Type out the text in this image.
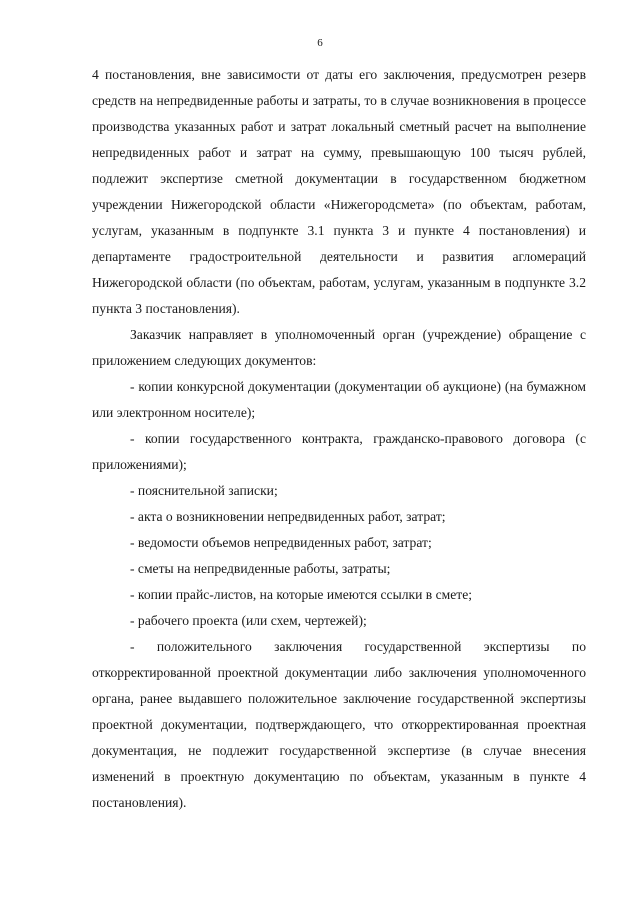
6

4 постановления, вне зависимости от даты его заключения, предусмотрен резерв средств на непредвиденные работы и затраты, то в случае возникновения в процессе производства указанных работ и затрат локальный сметный расчет на выполнение непредвиденных работ и затрат на сумму, превышающую 100 тысяч рублей, подлежит экспертизе сметной документации в государственном бюджетном учреждении Нижегородской области «Нижегородсмета» (по объектам, работам, услугам, указанным в подпункте 3.1 пункта 3 и пункте 4 постановления) и департаменте градостроительной деятельности и развития агломераций Нижегородской области (по объектам, работам, услугам, указанным в подпункте 3.2 пункта 3 постановления).

Заказчик направляет в уполномоченный орган (учреждение) обращение с приложением следующих документов:

- копии конкурсной документации (документации об аукционе) (на бумажном или электронном носителе);

- копии государственного контракта, гражданско-правового договора (с приложениями);

- пояснительной записки;

- акта о возникновении непредвиденных работ, затрат;

- ведомости объемов непредвиденных работ, затрат;

- сметы на непредвиденные работы, затраты;

- копии прайс-листов, на которые имеются ссылки в смете;

- рабочего проекта (или схем, чертежей);

- положительного заключения государственной экспертизы по откорректированной проектной документации либо заключения уполномоченного органа, ранее выдавшего положительное заключение государственной экспертизы проектной документации, подтверждающего, что откорректированная проектная документация, не подлежит государственной экспертизе (в случае внесения изменений в проектную документацию по объектам, указанным в пункте 4 постановления).
